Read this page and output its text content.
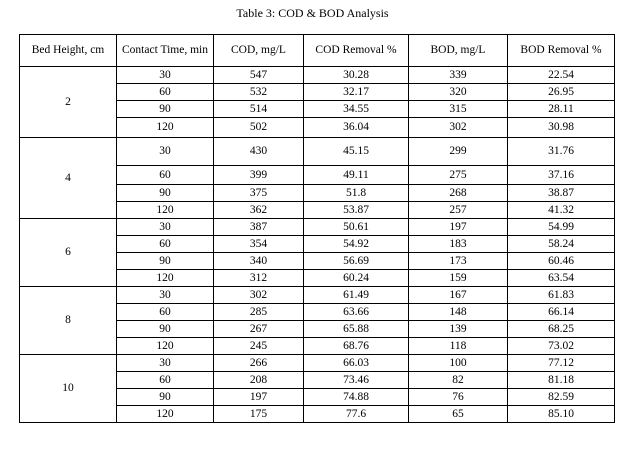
Table 3: COD & BOD Analysis
Bed Height, cm	Contact Time, min	COD, mg/L	COD Removal %	BOD, mg/L	BOD Removal %
2	30	547	30.28	339	22.54
	60	532	32.17	320	26.95
	90	514	34.55	315	28.11
	120	502	36.04	302	30.98
4	30	430	45.15	299	31.76
	60	399	49.11	275	37.16
	90	375	51.8	268	38.87
	120	362	53.87	257	41.32
6	30	387	50.61	197	54.99
	60	354	54.92	183	58.24
	90	340	56.69	173	60.46
	120	312	60.24	159	63.54
8	30	302	61.49	167	61.83
	60	285	63.66	148	66.14
	90	267	65.88	139	68.25
	120	245	68.76	118	73.02
10	30	266	66.03	100	77.12
	60	208	73.46	82	81.18
	90	197	74.88	76	82.59
	120	175	77.6	65	85.10
